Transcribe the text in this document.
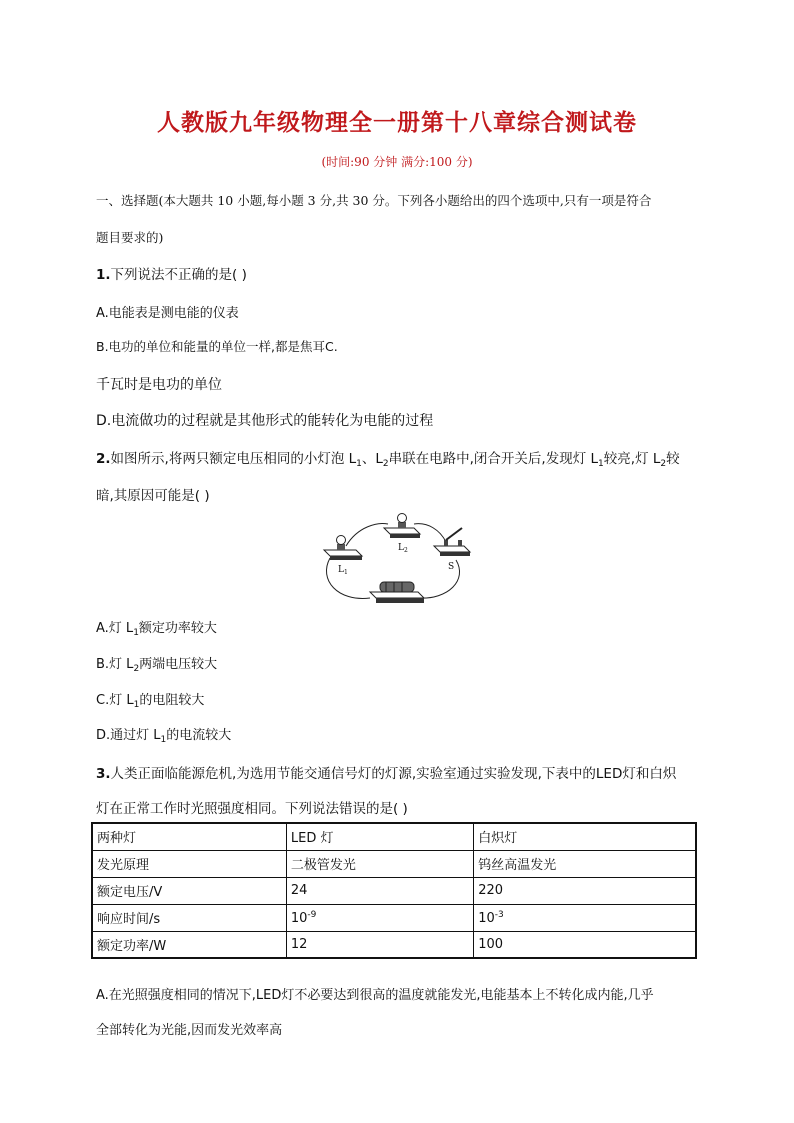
人教版九年级物理全一册第十八章综合测试卷
(时间:90 分钟 满分:100 分)
一、选择题(本大题共 10 小题,每小题 3 分,共 30 分。下列各小题给出的四个选项中,只有一项是符合
题目要求的)
1.下列说法不正确的是( )
A.电能表是测电能的仪表
B.电功的单位和能量的单位一样,都是焦耳C.
千瓦时是电功的单位
D.电流做功的过程就是其他形式的能转化为电能的过程
2.如图所示,将两只额定电压相同的小灯泡 $L_1$、$L_2$串联在电路中,闭合开关后,发现灯 $L_1$较亮,灯 $L_2$较
暗,其原因可能是( )
$L_1$
$L_2$
S
A.灯 $L_1$额定功率较大
B.灯 $L_2$两端电压较大
C.灯 $L_1$的电阻较大
D.通过灯 $L_1$的电流较大
3.人类正面临能源危机,为选用节能交通信号灯的灯源,实验室通过实验发现,下表中的LED灯和白炽
灯在正常工作时光照强度相同。下列说法错误的是( )
两种灯	LED 灯	白炽灯
发光原理	二极管发光	钨丝高温发光
额定电压/V	24	220
响应时间/s	$10^{-9}$	$10^{-3}$
额定功率/W	12	100
A.在光照强度相同的情况下,LED灯不必要达到很高的温度就能发光,电能基本上不转化成内能,几乎
全部转化为光能,因而发光效率高
